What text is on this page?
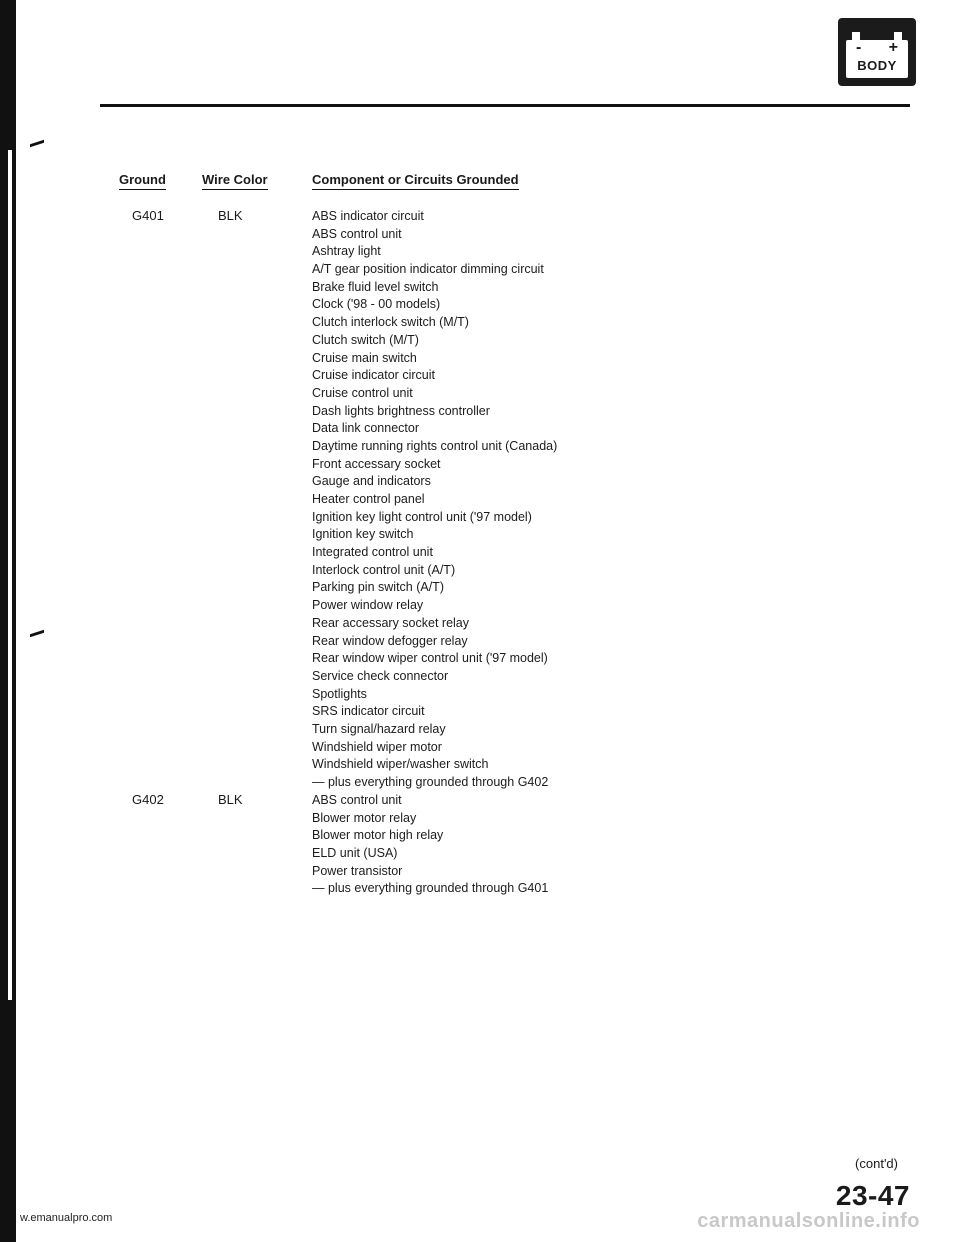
- +
BODY
Ground	Wire Color	Component or Circuits Grounded
G401	BLK	ABS indicator circuit
ABS control unit
Ashtray light
A/T gear position indicator dimming circuit
Brake fluid level switch
Clock ('98 - 00 models)
Clutch interlock switch (M/T)
Clutch switch (M/T)
Cruise main switch
Cruise indicator circuit
Cruise control unit
Dash lights brightness controller
Data link connector
Daytime running rights control unit (Canada)
Front accessary socket
Gauge and indicators
Heater control panel
Ignition key light control unit ('97 model)
Ignition key switch
Integrated control unit
Interlock control unit (A/T)
Parking pin switch (A/T)
Power window relay
Rear accessary socket relay
Rear window defogger relay
Rear window wiper control unit ('97 model)
Service check connector
Spotlights
SRS indicator circuit
Turn signal/hazard relay
Windshield wiper motor
Windshield wiper/washer switch
— plus everything grounded through G402
G402	BLK	ABS control unit
Blower motor relay
Blower motor high relay
ELD unit (USA)
Power transistor
— plus everything grounded through G401
(cont'd)
23-47
w.emanualpro.com	carmanualsonline.info
